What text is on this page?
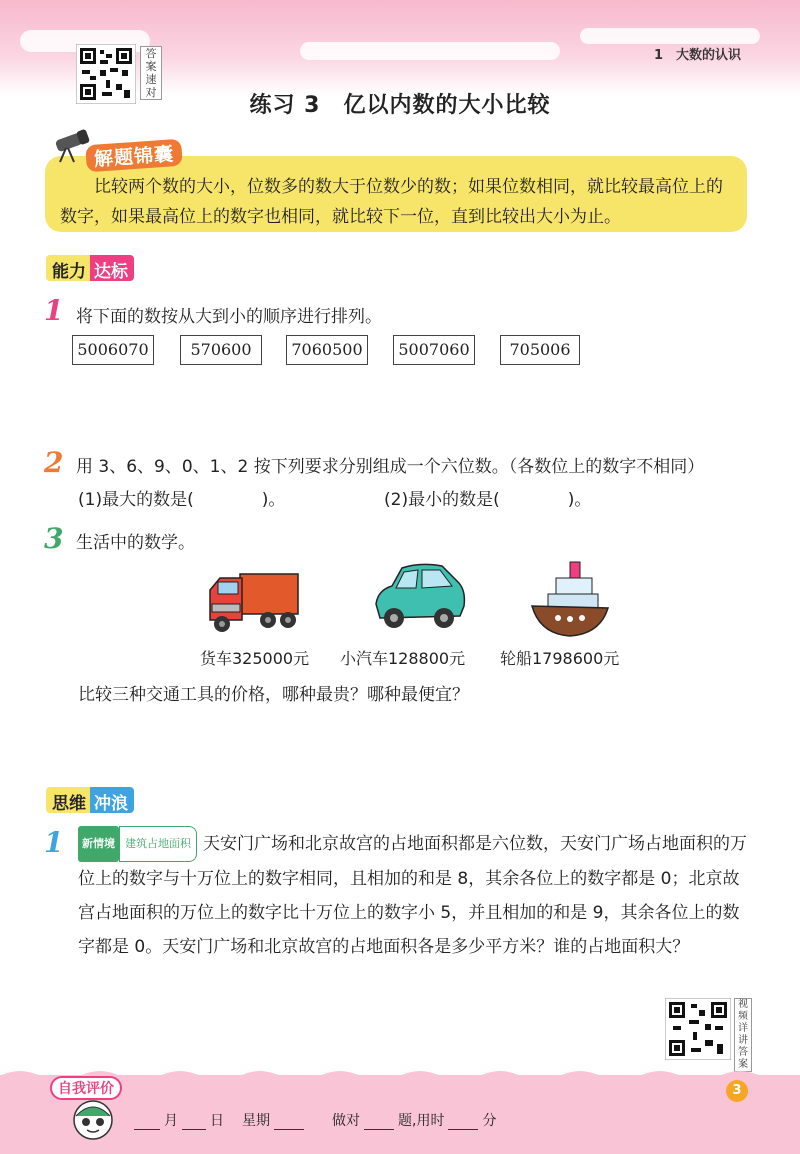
1　大数的认识
答案速对
练习 3　亿以内数的大小比较
解题锦囊
比较两个数的大小，位数多的数大于位数少的数；如果位数相同，就比较最高位上的数字，如果最高位上的数字也相同，就比较下一位，直到比较出大小为止。
能力 达标
1 将下面的数按从大到小的顺序进行排列。
5006070	570600	7060500	5007060	705006
2 用 3、6、9、0、1、2 按下列要求分别组成一个六位数。（各数位上的数字不相同）
(1)最大的数是(　　　　)。	(2)最小的数是(　　　　)。
3 生活中的数学。
货车325000元 小汽车128800元 轮船1798600元
比较三种交通工具的价格，哪种最贵？哪种最便宜？
思维 冲浪
1	新情境 建筑占地面积 天安门广场和北京故宫的占地面积都是六位数，天安门广场占地面积的万位上的数字与十万位上的数字相同，且相加的和是 8，其余各位上的数字都是 0；北京故宫占地面积的万位上的数字比十万位上的数字小 5，并且相加的和是 9，其余各位上的数字都是 0。天安门广场和北京故宫的占地面积各是多少平方米？谁的占地面积大？
视频详讲答案
自我评价	3
月 日 星期	做对	题,用时	分
